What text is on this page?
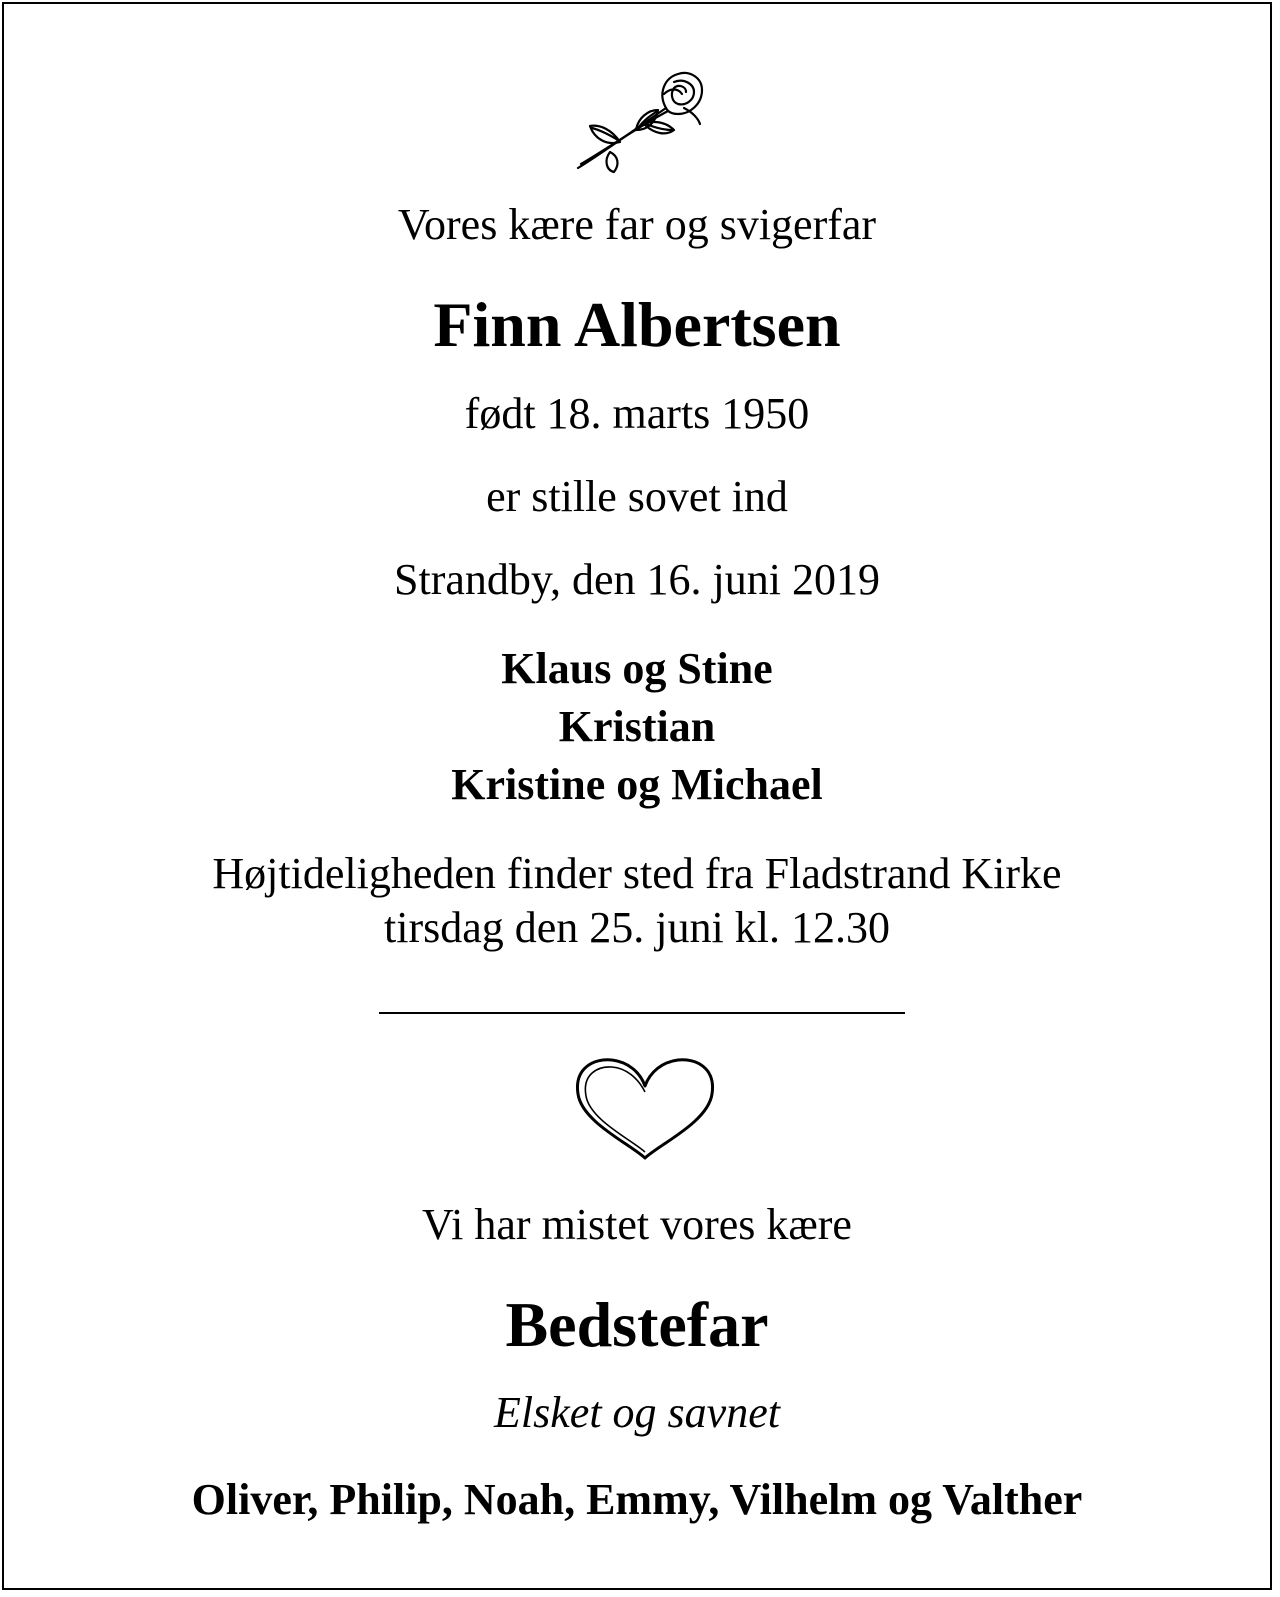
Vores kære far og svigerfar
Finn Albertsen
født 18. marts 1950
er stille sovet ind
Strandby, den 16. juni 2019
Klaus og Stine
Kristian
Kristine og Michael
Højtideligheden finder sted fra Fladstrand Kirke
tirsdag den 25. juni kl. 12.30
Vi har mistet vores kære
Bedstefar
Elsket og savnet
Oliver, Philip, Noah, Emmy, Vilhelm og Valther
